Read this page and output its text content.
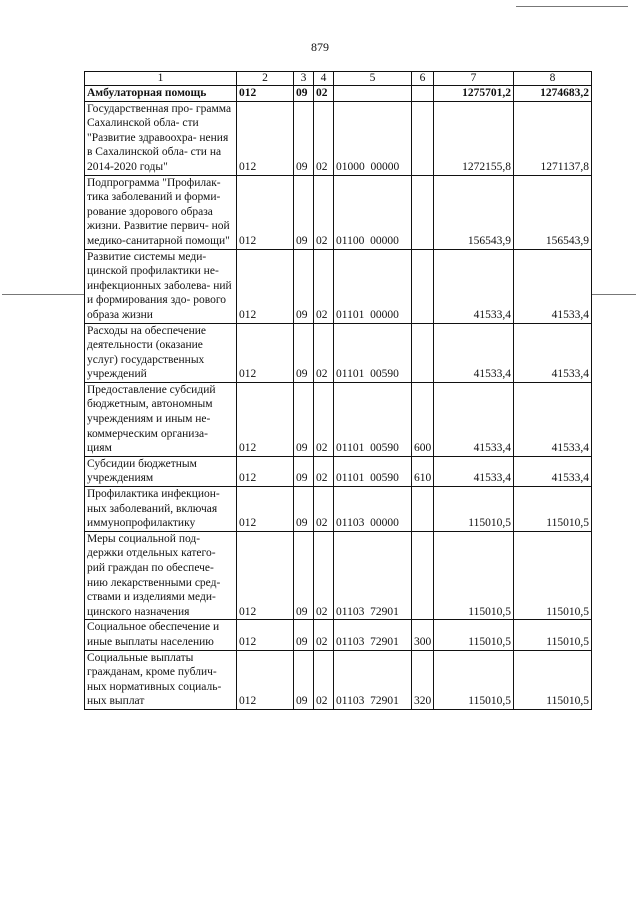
879
1	2	3	4	5	6	7	8
Амбулаторная помощь	012	09	02			1275701,2	1274683,2
Государственная про- грамма Сахалинской обла- сти "Развитие здравоохра- нения в Сахалинской обла- сти на 2014-2020 годы"	012	09	02	01000  00000		1272155,8	1271137,8
Подпрограмма "Профилак- тика заболеваний и форми- рование здорового образа жизни. Развитие первич- ной медико-санитарной помощи"	012	09	02	01100  00000		156543,9	156543,9
Развитие системы меди- цинской профилактики не- инфекционных заболева- ний и формирования здо- рового образа жизни	012	09	02	01101  00000		41533,4	41533,4
Расходы на обеспечение деятельности (оказание услуг) государственных учреждений	012	09	02	01101  00590		41533,4	41533,4
Предоставление субсидий бюджетным, автономным учреждениям и иным не- коммерческим организа- циям	012	09	02	01101  00590	600	41533,4	41533,4
Субсидии бюджетным учреждениям	012	09	02	01101  00590	610	41533,4	41533,4
Профилактика инфекцион- ных заболеваний, включая иммунопрофилактику	012	09	02	01103  00000		115010,5	115010,5
Меры социальной под- держки отдельных катего- рий граждан по обеспече- нию лекарственными сред- ствами и изделиями меди- цинского назначения	012	09	02	01103  72901		115010,5	115010,5
Социальное обеспечение и иные выплаты населению	012	09	02	01103  72901	300	115010,5	115010,5
Социальные выплаты гражданам, кроме публич- ных нормативных социаль- ных выплат	012	09	02	01103  72901	320	115010,5	115010,5
